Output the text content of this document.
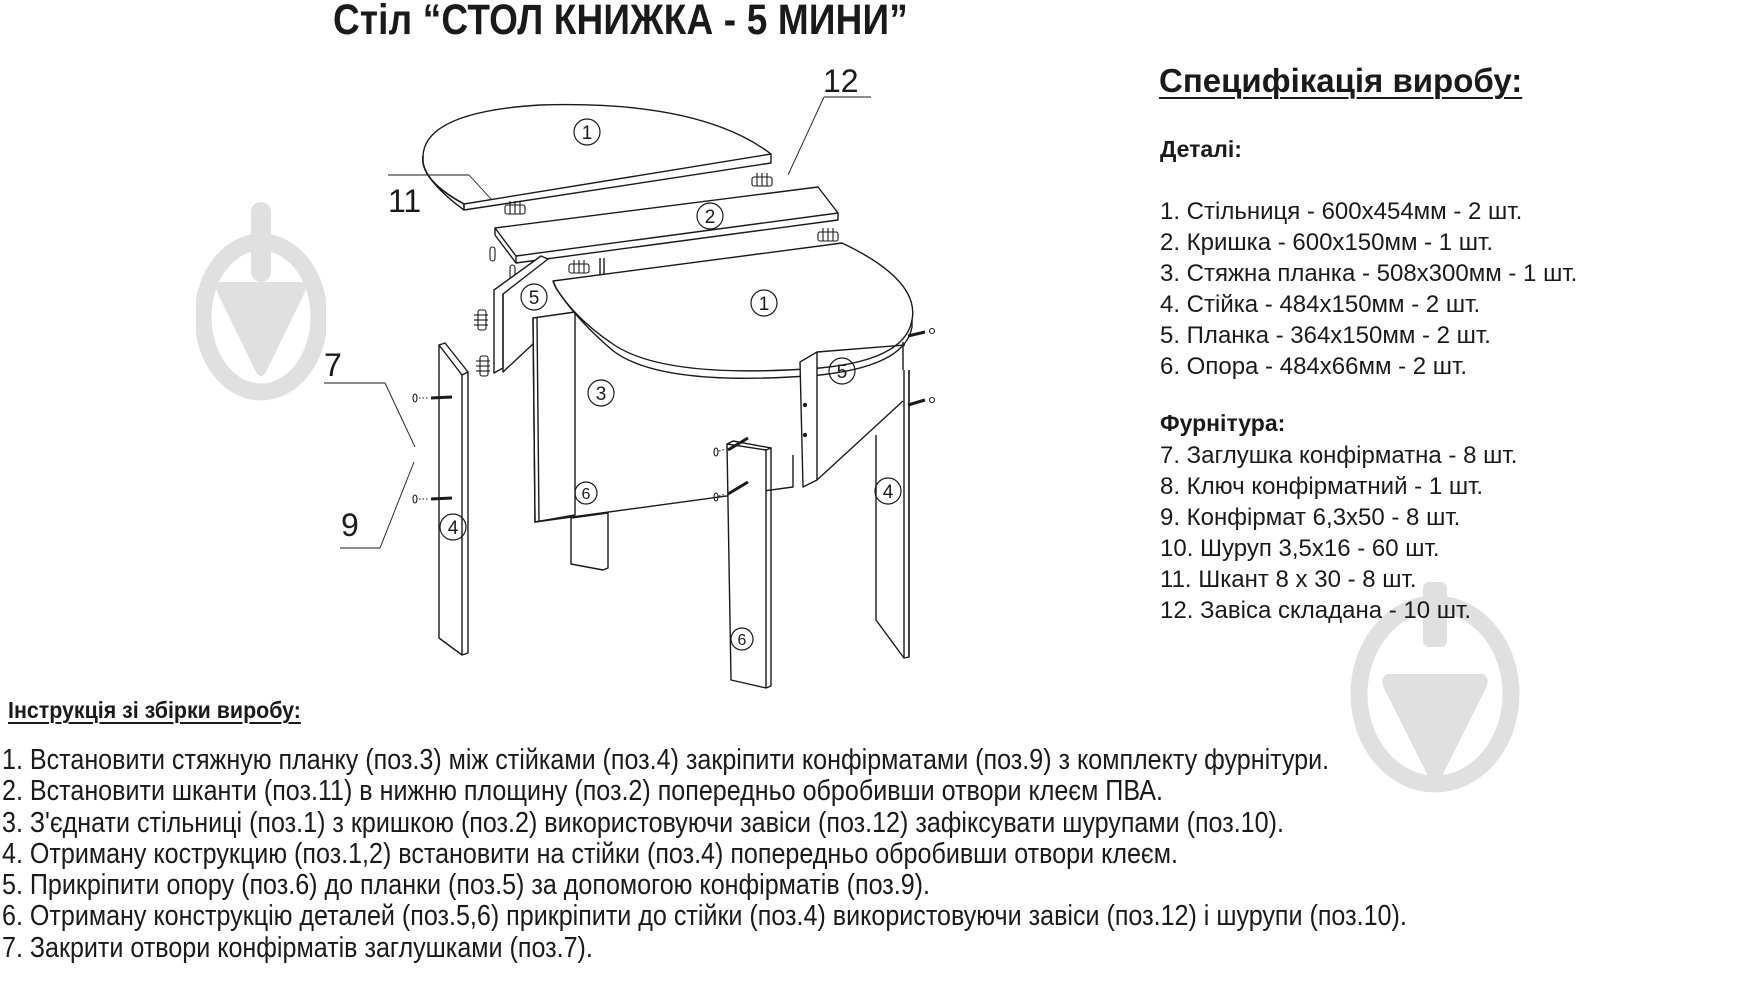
Стіл “СТОЛ КНИЖКА - 5 МИНИ”
11
12
7
9
1
2
1
5
5
3
6
6
4
4
Специфікація виробу:
Деталі:
1. Стільниця - 600x454мм - 2 шт.
2. Кришка - 600x150мм - 1 шт.
3. Стяжна планка - 508x300мм - 1 шт.
4. Стійка - 484x150мм - 2 шт.
5. Планка - 364x150мм - 2 шт.
6. Опора - 484x66мм - 2 шт.
Фурнітура:
7. Заглушка конфірматна - 8 шт.
8. Ключ конфірматний - 1 шт.
9. Конфірмат 6,3x50 - 8 шт.
10. Шуруп 3,5x16 - 60 шт.
11. Шкант 8 х 30 - 8 шт.
12. Завіса складана - 10 шт.
Інструкція зі збірки виробу:
1. Встановити стяжную планку (поз.3) між стійками (поз.4) закріпити конфірматами (поз.9) з комплекту фурнітури.
2. Встановити шканти (поз.11) в нижню площину (поз.2) попередньо обробивши отвори клеєм ПВА.
3. З'єднати стільниці (поз.1) з кришкою (поз.2) використовуючи завіси (поз.12) зафіксувати шурупами (поз.10).
4. Отриману кострукцию (поз.1,2) встановити на стійки (поз.4) попередньо обробивши отвори клеєм.
5. Прикріпити опору (поз.6) до планки (поз.5) за допомогою конфірматів (поз.9).
6. Отриману конструкцію деталей (поз.5,6) прикріпити до стійки (поз.4) використовуючи завіси (поз.12) і шурупи (поз.10).
7. Закрити отвори конфірматів заглушками (поз.7).
